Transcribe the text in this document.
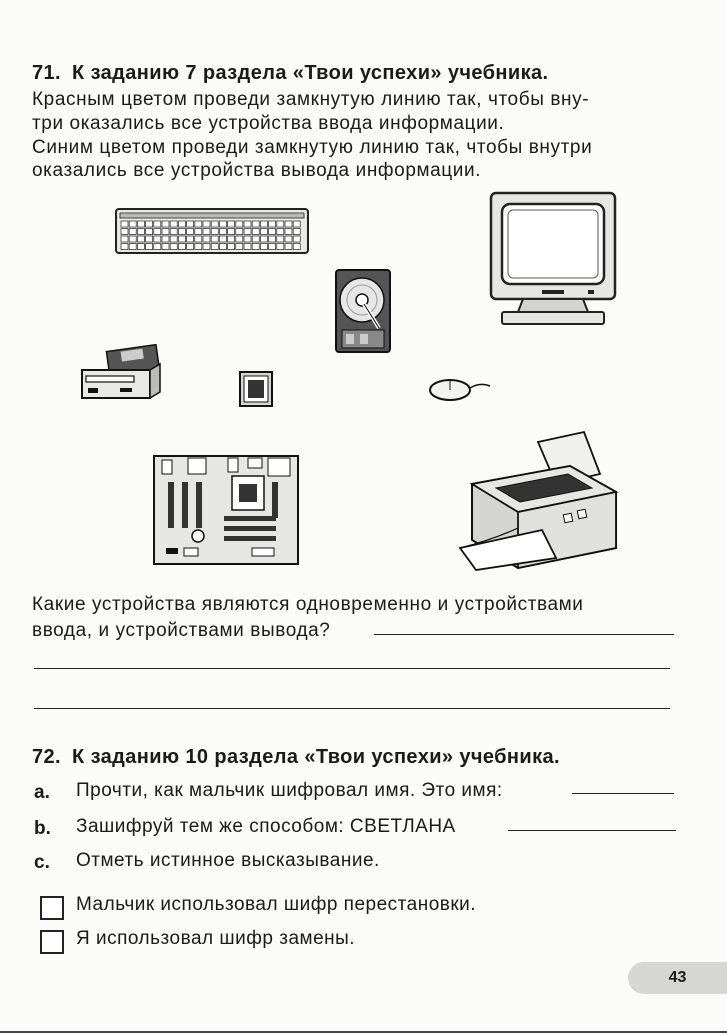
71. К заданию 7 раздела «Твои успехи» учебника.
Красным цветом проведи замкнутую линию так, чтобы вну-
три оказались все устройства ввода информации.
Синим цветом проведи замкнутую линию так, чтобы внутри
оказались все устройства вывода информации.
Какие устройства являются одновременно и устройствами
ввода, и устройствами вывода?
72. К заданию 10 раздела «Твои успехи» учебника.
a. Прочти, как мальчик шифровал имя. Это имя:
b. Зашифруй тем же способом: СВЕТЛАНА
c. Отметь истинное высказывание.
Мальчик использовал шифр перестановки.
Я использовал шифр замены.
43
